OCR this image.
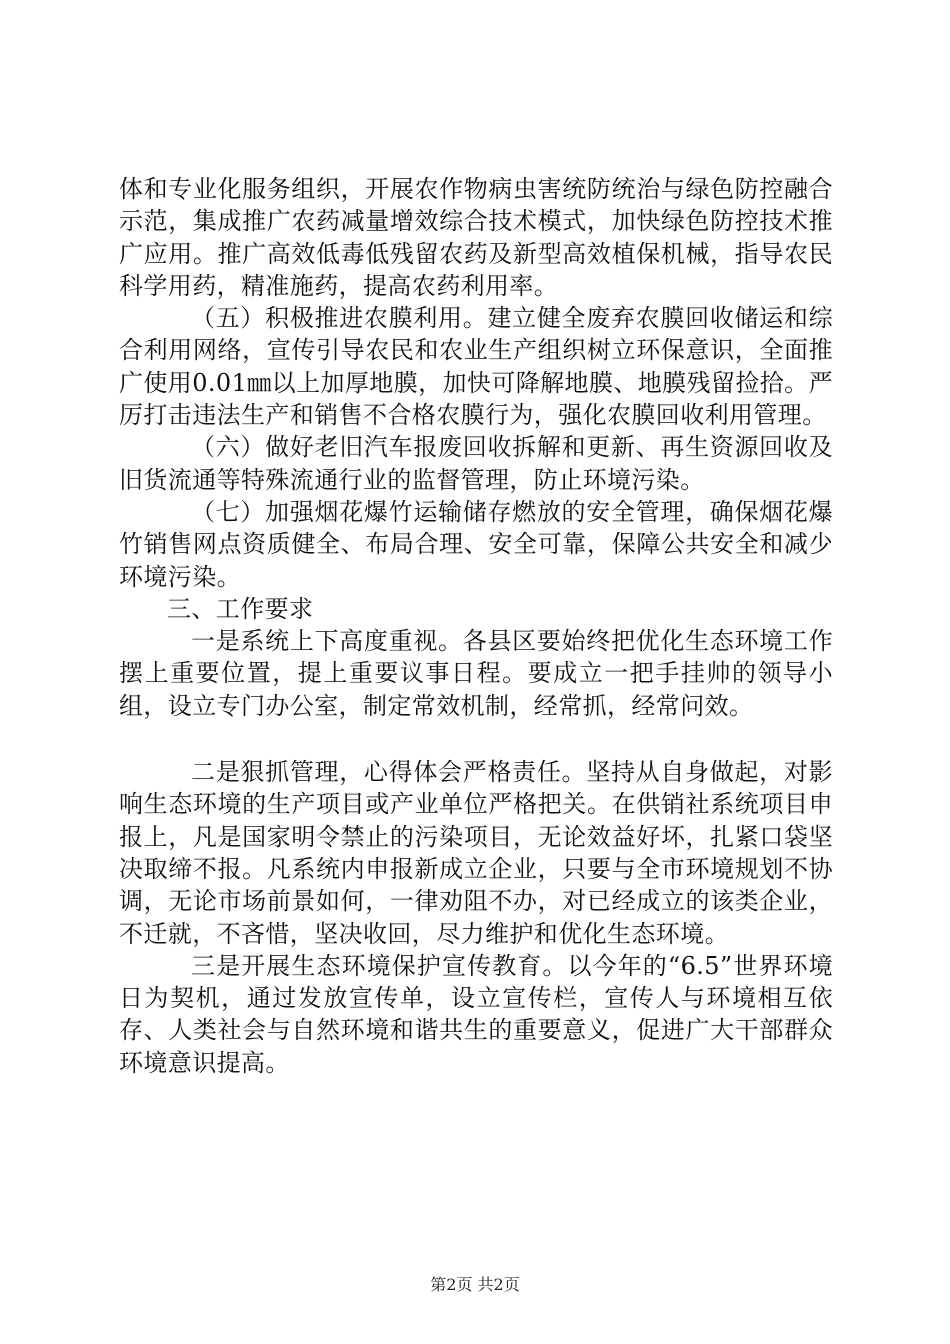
体和专业化服务组织，开展农作物病虫害统防统治与绿色防控融合示范，集成推广农药减量增效综合技术模式，加快绿色防控技术推广应用。推广高效低毒低残留农药及新型高效植保机械，指导农民科学用药，精准施药，提高农药利用率。

（五）积极推进农膜利用。建立健全废弃农膜回收储运和综合利用网络，宣传引导农民和农业生产组织树立环保意识，全面推广使用0.01㎜以上加厚地膜，加快可降解地膜、地膜残留捡拾。严厉打击违法生产和销售不合格农膜行为，强化农膜回收利用管理。

（六）做好老旧汽车报废回收拆解和更新、再生资源回收及旧货流通等特殊流通行业的监督管理，防止环境污染。

（七）加强烟花爆竹运输储存燃放的安全管理，确保烟花爆竹销售网点资质健全、布局合理、安全可靠，保障公共安全和减少环境污染。

三、工作要求

一是系统上下高度重视。各县区要始终把优化生态环境工作摆上重要位置，提上重要议事日程。要成立一把手挂帅的领导小组，设立专门办公室，制定常效机制，经常抓，经常问效。

二是狠抓管理，心得体会严格责任。坚持从自身做起，对影响生态环境的生产项目或产业单位严格把关。在供销社系统项目申报上，凡是国家明令禁止的污染项目，无论效益好坏，扎紧口袋坚决取缔不报。凡系统内申报新成立企业，只要与全市环境规划不协调，无论市场前景如何，一律劝阻不办，对已经成立的该类企业，不迁就，不吝惜，坚决收回，尽力维护和优化生态环境。

三是开展生态环境保护宣传教育。以今年的“6.5”世界环境日为契机，通过发放宣传单，设立宣传栏，宣传人与环境相互依存、人类社会与自然环境和谐共生的重要意义，促进广大干部群众环境意识提高。

第2页 共2页
